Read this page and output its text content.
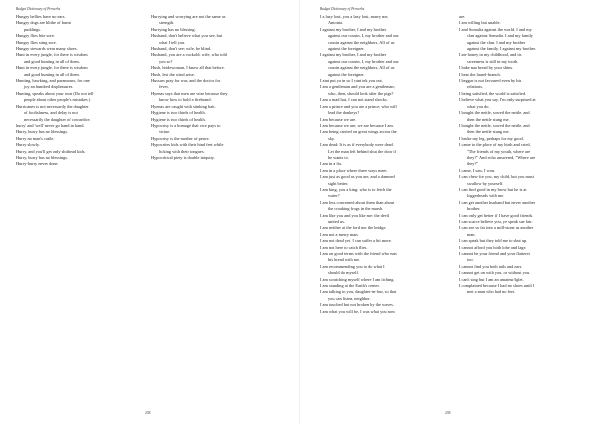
Budget Dictionary of Proverbs

Hungry bellies have no ears.

Hungry dogs are blithe of burnt
puddings.

Hungry flies bite sore.

Hungry flies sting sore.

Hungry stewards wear many shoes.

Hunt in every jungle, for there is wisdom
and good hunting in all of them.

Hunt in every jungle, for there is wisdom
and good hunting in all of them.

Hunting, hawking, and paramours, for one
joy an hundred displeasures.

Hunting, speaks about your own (Do not tell
people about other people's mistakes.)

Hurricanes is not necessarily the daughter
of foolishness, and delay is not
necessarily the daughter of cowardice.

hurry' and 'well' never go hand in hand.

Hurry, hurry has no blessings.

Hurry no man's cattle.

Hurry slowly.

Hurry, and you'll get only shithead kids.

Hurry, hurry has no blessings.

Hurry-hurry never done.

Hurrying and worrying are not the same as
strength.

Hurrying has no blessing.

Husband, don't believe what you see, but
what I tell you.

Husband, don't see; wife, be blind.

Husband, you are a cuckold; wife, who told
you so?

Hush, bridewoman, I know all that before.

Hush, lest the wind arise.

Hussars pray for war, and the doctor for
fever.

Hyenas says that men are wise because they
know how to hold a firebrand.

Hyenas are caught with stinking bait.

Hygiene is two thirds of health.

Hygiene is two thirds of health.

Hypocrisy is a homage that vice pays to
virtue.

Hypocrisy is the mother of peace.

Hypocrites kids with their hind feet while
licking with their tongues.

Hypocritical piety is double iniquity.

238
Budget Dictionary of Proverbs

I a lazy lout, you a lazy lout, marry me,
Antonia.

I against my brother, I and my brother
against our cousin, I, my brother and our
cousin against the neighbors, All of us
against the foreigner.

I against my brother, I and my brother
against our cousin, I, my brother and our
cousin against the neighbors, All of us
against the foreigner.

I aint put ya in so I cant tek you out.

I am a gentleman and you are a gentleman;
who, then, should look after the pigs?

I am a mad hut, I can not stand shocks.

I am a prince and you are a prince; who will
lead the donkeys?

I am because we are.

I am because we are; we are because I am.

I am being carried on great wings across the
sky.

I am dead: It is as if everybody were dead.
Let the man left behind shut the door if
he wants to.

I am in a fix.

I am in a place where three ways meet.

I am just as good as you are, and a damned
sight better.

I am king, you a king: who is to fetch the
water?

I am less concerned about them than about
the croaking frogs in the marsh.

I am like you and you like me: the devil
united us.

I am neither at the ford nor the bridge.

I am not a merry man.

I am not dead yet. I can suffer a bit more.

I am not here to catch flies.

I am on good terms with the friend who eats
his bread with me.

I am recommending you to do what I
should do myself.

I am scratching myself where I am itching.

I am standing at the Earth's center.

I am talking to you, daughter-in-law, so that
you can listen, neighbor.

I am touched but not broken by the waves.

I am what you will be, I was what you now

are.

I am willing but unable.

I and Somalia against the world. I and my
clan against Somalia. I and my family
against the clan. I and my brother
against the family. I against my brother.

I ate honey in my childhood, and its
sweetness is still in my tooth.

I bake naa bread by your shins.

I bear the laurel-branch.

I beggar is not favoured even by his
relations.

I being satisfied, the world is satisfied.

I believe what you say, I'm only surprised at
what you do.

I bought the nettle, sowed the nettle, and
then the nettle stung me.

I bought the nettle, sowed the nettle, and
then the nettle stung me.

I broke my leg, perhaps for my good.

I came to the place of my birth and cried,
"The friends of my youth, where are
they?" And echo answered, "Where are
they?"

I came, I saw, I won.

I can chew for you, my child, but you must
swallow by yourself.

I can find good in my brow but he is at
loggerheads with me.

I can get another husband but never another
brother.

I can only get better if I have good friends.

I can scarce believe you, ye speak sae fair.

I can see so far into a mill-stone as another
man.

I can speak but they told me to shut up.

I cannot afford you both lobe and lage.

I cannot be your friend and your flatterer
too.

I cannot find you both tails and ears.

I cannot get on with you, or without you.

I can't sing but I am an amateur/lglet.

I complained because I had no shoes until I
met a man who had no feet.

238
